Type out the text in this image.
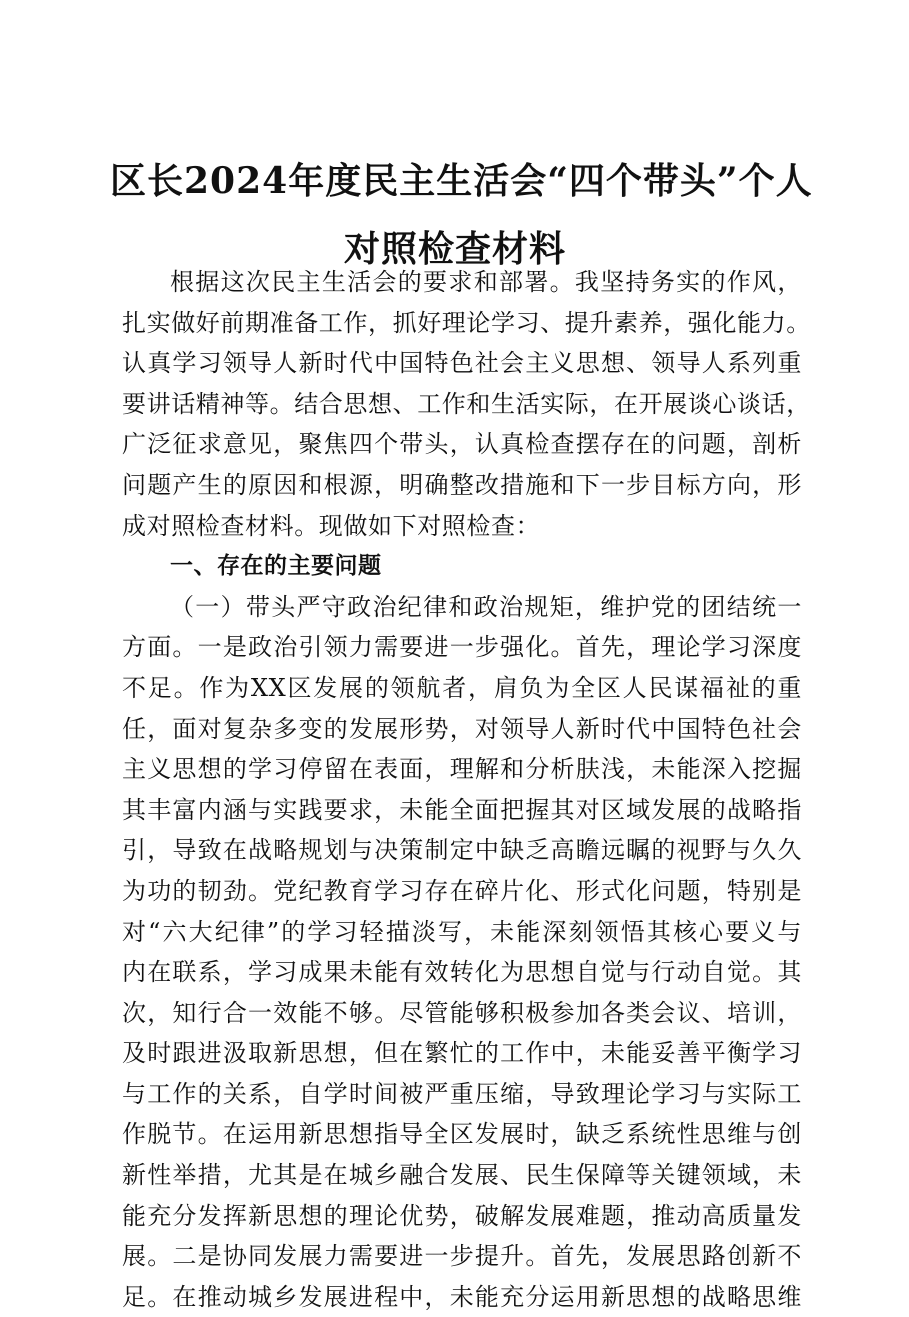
区长2024年度民主生活会“四个带头”个人
对照检查材料
根据这次民主生活会的要求和部署。我坚持务实的作风，
扎实做好前期准备工作，抓好理论学习、提升素养，强化能力。
认真学习领导人新时代中国特色社会主义思想、领导人系列重
要讲话精神等。结合思想、工作和生活实际，在开展谈心谈话，
广泛征求意见，聚焦四个带头，认真检查摆存在的问题，剖析
问题产生的原因和根源，明确整改措施和下一步目标方向，形
成对照检查材料。现做如下对照检查：
一、存在的主要问题
（一）带头严守政治纪律和政治规矩，维护党的团结统一
方面。一是政治引领力需要进一步强化。首先，理论学习深度
不足。作为XX区发展的领航者，肩负为全区人民谋福祉的重
任，面对复杂多变的发展形势，对领导人新时代中国特色社会
主义思想的学习停留在表面，理解和分析肤浅，未能深入挖掘
其丰富内涵与实践要求，未能全面把握其对区域发展的战略指
引，导致在战略规划与决策制定中缺乏高瞻远瞩的视野与久久
为功的韧劲。党纪教育学习存在碎片化、形式化问题，特别是
对“六大纪律”的学习轻描淡写，未能深刻领悟其核心要义与
内在联系，学习成果未能有效转化为思想自觉与行动自觉。其
次，知行合一效能不够。尽管能够积极参加各类会议、培训，
及时跟进汲取新思想，但在繁忙的工作中，未能妥善平衡学习
与工作的关系，自学时间被严重压缩，导致理论学习与实际工
作脱节。在运用新思想指导全区发展时，缺乏系统性思维与创
新性举措，尤其是在城乡融合发展、民生保障等关键领域，未
能充分发挥新思想的理论优势，破解发展难题，推动高质量发
展。二是协同发展力需要进一步提升。首先，发展思路创新不
足。在推动城乡发展进程中，未能充分运用新思想的战略思维
